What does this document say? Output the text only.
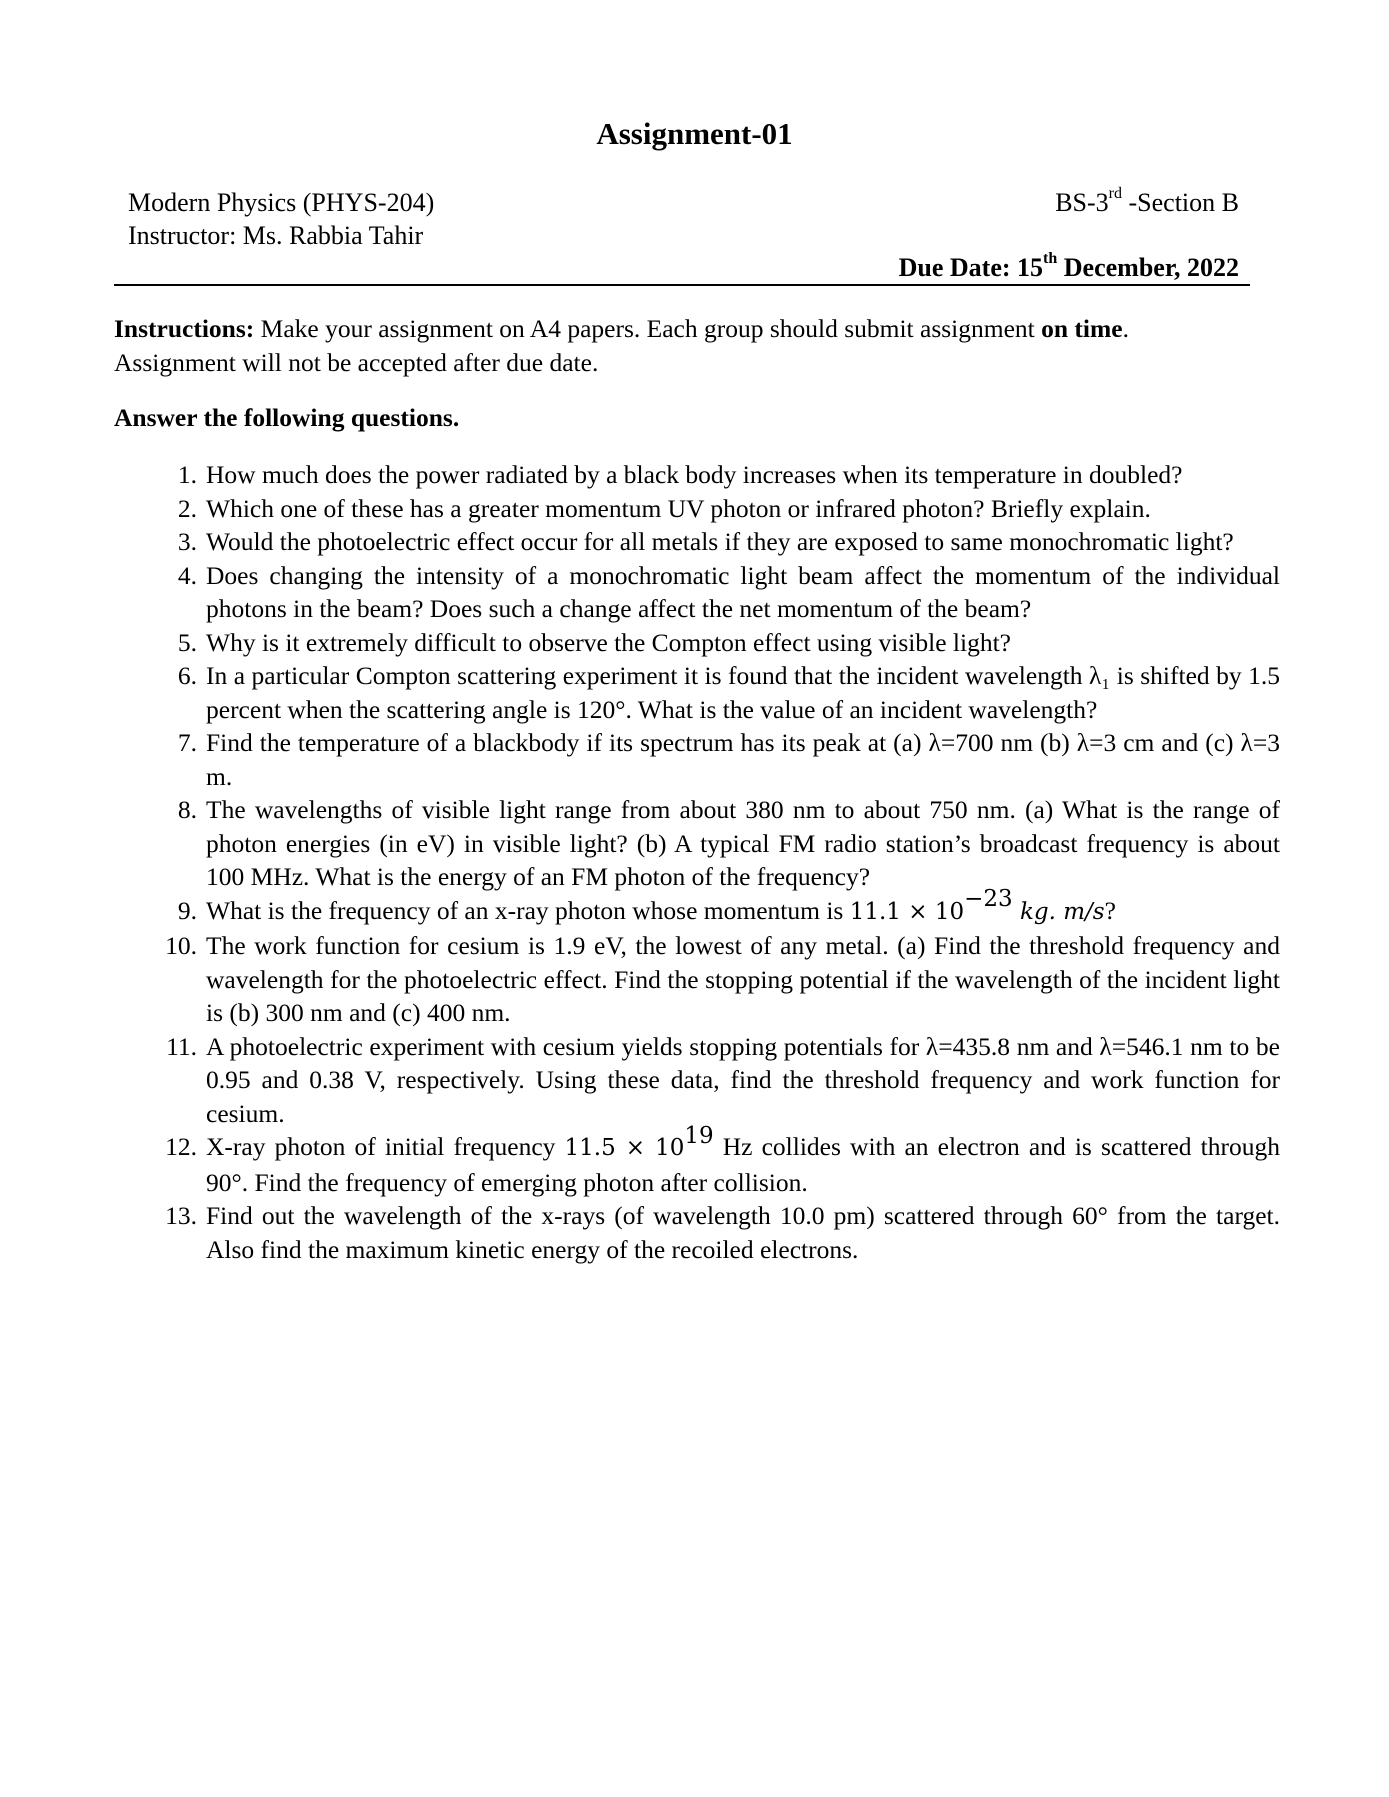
Assignment-01
Modern Physics (PHYS-204)
Instructor: Ms. Rabbia Tahir
BS-3rd -Section B
Due Date: 15th December, 2022
Instructions: Make your assignment on A4 papers. Each group should submit assignment on time. Assignment will not be accepted after due date.
Answer the following questions.
1. How much does the power radiated by a black body increases when its temperature in doubled?
2. Which one of these has a greater momentum UV photon or infrared photon? Briefly explain.
3. Would the photoelectric effect occur for all metals if they are exposed to same monochromatic light?
4. Does changing the intensity of a monochromatic light beam affect the momentum of the individual photons in the beam? Does such a change affect the net momentum of the beam?
5. Why is it extremely difficult to observe the Compton effect using visible light?
6. In a particular Compton scattering experiment it is found that the incident wavelength λ₁ is shifted by 1.5 percent when the scattering angle is 120°. What is the value of an incident wavelength?
7. Find the temperature of a blackbody if its spectrum has its peak at (a) λ=700 nm (b) λ=3 cm and (c) λ=3 m.
8. The wavelengths of visible light range from about 380 nm to about 750 nm. (a) What is the range of photon energies (in eV) in visible light? (b) A typical FM radio station’s broadcast frequency is about 100 MHz. What is the energy of an FM photon of the frequency?
9. What is the frequency of an x-ray photon whose momentum is $11.1 \times 10^{-23}$ kg. m/s?
10. The work function for cesium is 1.9 eV, the lowest of any metal. (a) Find the threshold frequency and wavelength for the photoelectric effect. Find the stopping potential if the wavelength of the incident light is (b) 300 nm and (c) 400 nm.
11. A photoelectric experiment with cesium yields stopping potentials for λ=435.8 nm and λ=546.1 nm to be 0.95 and 0.38 V, respectively. Using these data, find the threshold frequency and work function for cesium.
12. X-ray photon of initial frequency $11.5 \times 10^{19}$ Hz collides with an electron and is scattered through 90°. Find the frequency of emerging photon after collision.
13. Find out the wavelength of the x-rays (of wavelength 10.0 pm) scattered through 60° from the target. Also find the maximum kinetic energy of the recoiled electrons.
